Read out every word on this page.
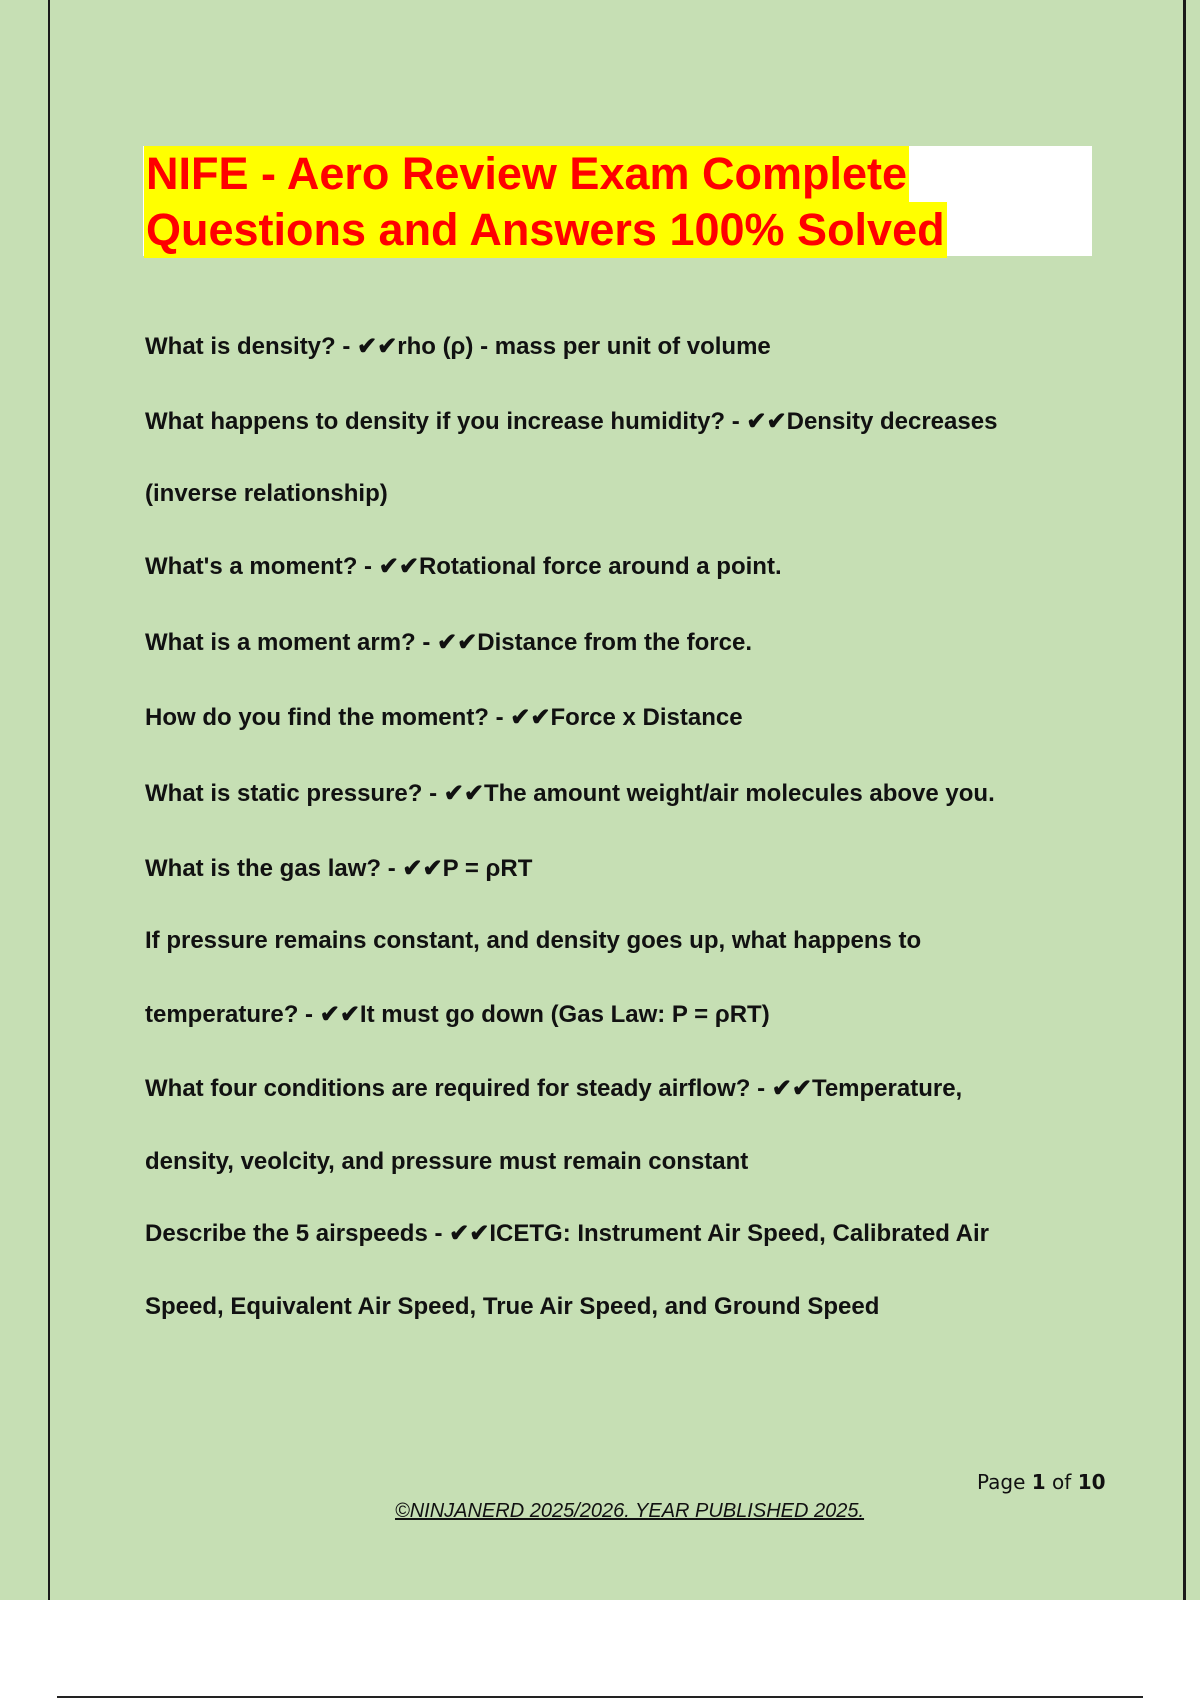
NIFE - Aero Review Exam Complete
Questions and Answers 100% Solved
What is density? - ✔✔rho (ρ) - mass per unit of volume
What happens to density if you increase humidity? - ✔✔Density decreases
(inverse relationship)
What's a moment? - ✔✔Rotational force around a point.
What is a moment arm? - ✔✔Distance from the force.
How do you find the moment? - ✔✔Force x Distance
What is static pressure? - ✔✔The amount weight/air molecules above you.
What is the gas law? - ✔✔P = ρRT
If pressure remains constant, and density goes up, what happens to
temperature? - ✔✔It must go down (Gas Law: P = ρRT)
What four conditions are required for steady airflow? - ✔✔Temperature,
density, veolcity, and pressure must remain constant
Describe the 5 airspeeds - ✔✔ICETG: Instrument Air Speed, Calibrated Air
Speed, Equivalent Air Speed, True Air Speed, and Ground Speed
Page 1 of 10
©NINJANERD 2025/2026. YEAR PUBLISHED 2025.
